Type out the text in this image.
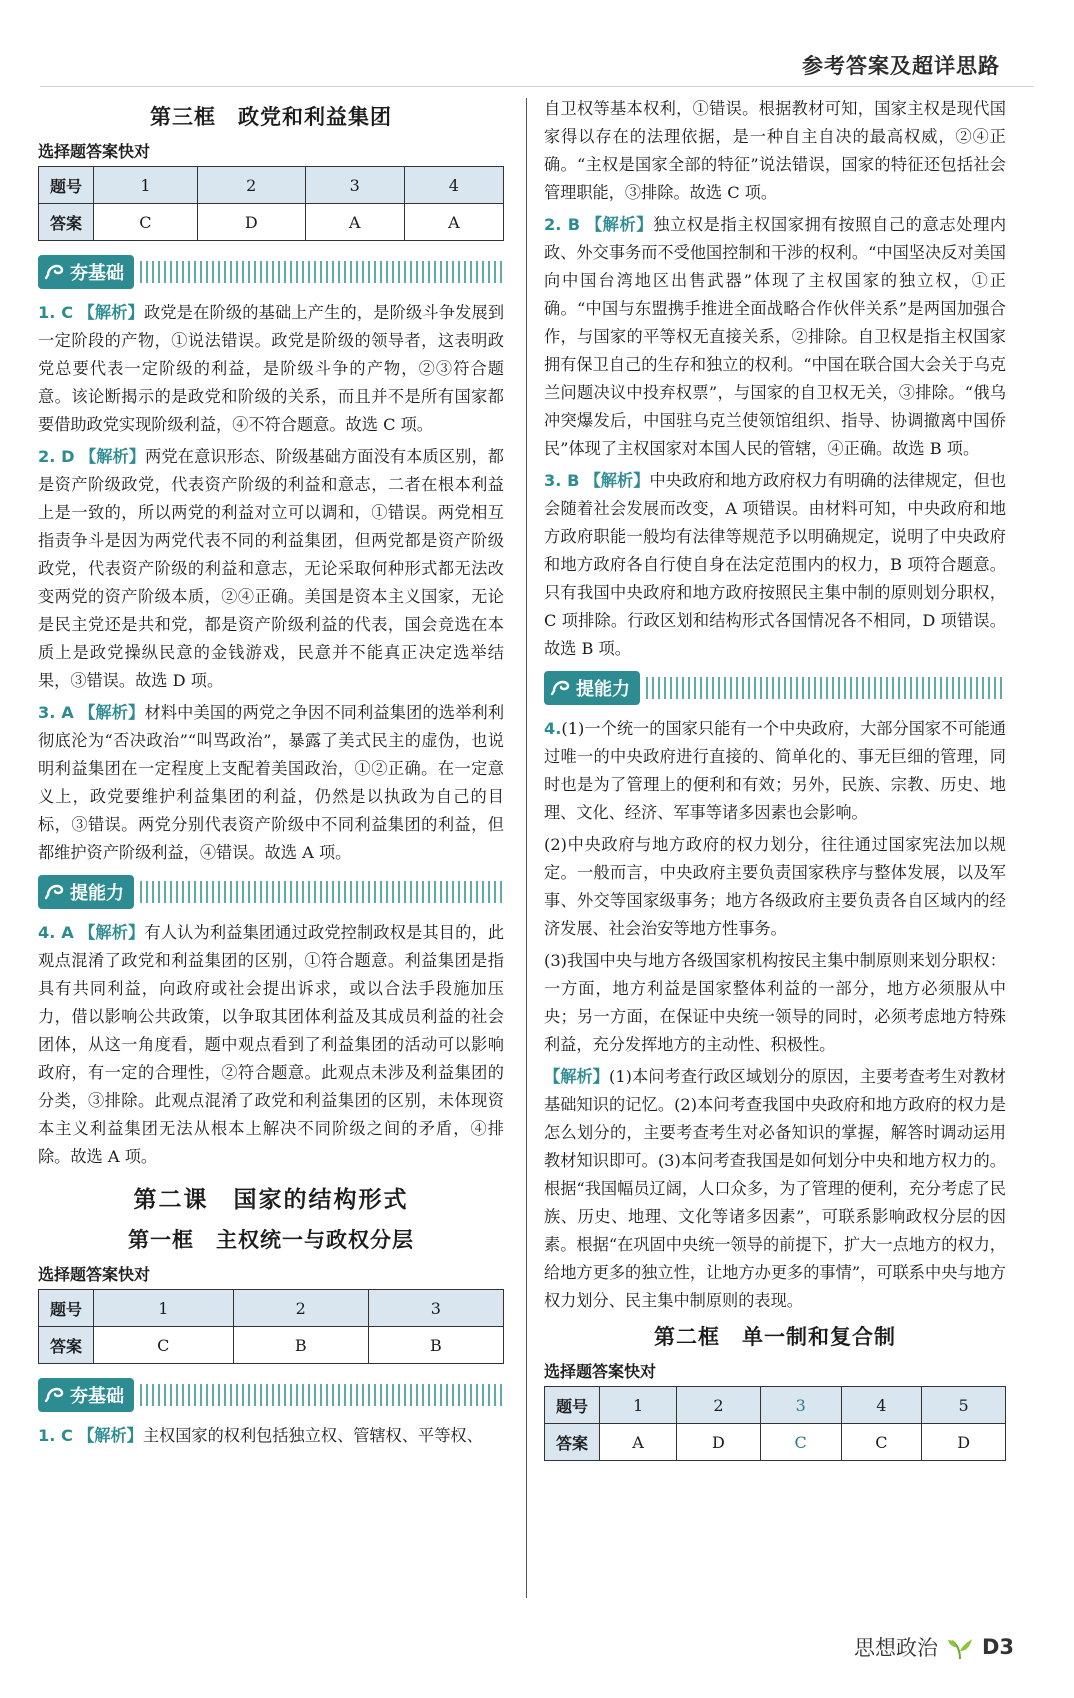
参考答案及超详思路
第三框　政党和利益集团
选择题答案快对
题号	1	2	3	4
答案	C	D	A	A
夯基础

1. C 【解析】政党是在阶级的基础上产生的，是阶级斗争发展到一定阶段的产物，①说法错误。政党是阶级的领导者，这表明政党总要代表一定阶级的利益，是阶级斗争的产物，②③符合题意。该论断揭示的是政党和阶级的关系，而且并不是所有国家都要借助政党实现阶级利益，④不符合题意。故选 C 项。

2. D 【解析】两党在意识形态、阶级基础方面没有本质区别，都是资产阶级政党，代表资产阶级的利益和意志，二者在根本利益上是一致的，所以两党的利益对立可以调和，①错误。两党相互指责争斗是因为两党代表不同的利益集团，但两党都是资产阶级政党，代表资产阶级的利益和意志，无论采取何种形式都无法改变两党的资产阶级本质，②④正确。美国是资本主义国家，无论是民主党还是共和党，都是资产阶级利益的代表，国会竞选在本质上是政党操纵民意的金钱游戏，民意并不能真正决定选举结果，③错误。故选 D 项。

3. A 【解析】材料中美国的两党之争因不同利益集团的选举利利彻底沦为“否决政治”“叫骂政治”，暴露了美式民主的虚伪，也说明利益集团在一定程度上支配着美国政治，①②正确。在一定意义上，政党要维护利益集团的利益，仍然是以执政为自己的目标，③错误。两党分别代表资产阶级中不同利益集团的利益，但都维护资产阶级利益，④错误。故选 A 项。

提能力

4. A 【解析】有人认为利益集团通过政党控制政权是其目的，此观点混淆了政党和利益集团的区别，①符合题意。利益集团是指具有共同利益，向政府或社会提出诉求，或以合法手段施加压力，借以影响公共政策，以争取其团体利益及其成员利益的社会团体，从这一角度看，题中观点看到了利益集团的活动可以影响政府，有一定的合理性，②符合题意。此观点未涉及利益集团的分类，③排除。此观点混淆了政党和利益集团的区别，未体现资本主义利益集团无法从根本上解决不同阶级之间的矛盾，④排除。故选 A 项。

第二课　国家的结构形式
第一框　主权统一与政权分层
选择题答案快对
题号	1	2	3
答案	C	B	B
夯基础

1. C 【解析】主权国家的权利包括独立权、管辖权、平等权、

自卫权等基本权利，①错误。根据教材可知，国家主权是现代国家得以存在的法理依据，是一种自主自决的最高权威，②④正确。“主权是国家全部的特征”说法错误，国家的特征还包括社会管理职能，③排除。故选 C 项。

2. B 【解析】独立权是指主权国家拥有按照自己的意志处理内政、外交事务而不受他国控制和干涉的权利。“中国坚决反对美国向中国台湾地区出售武器”体现了主权国家的独立权，①正确。“中国与东盟携手推进全面战略合作伙伴关系”是两国加强合作，与国家的平等权无直接关系，②排除。自卫权是指主权国家拥有保卫自己的生存和独立的权利。“中国在联合国大会关于乌克兰问题决议中投弃权票”，与国家的自卫权无关，③排除。“俄乌冲突爆发后，中国驻乌克兰使领馆组织、指导、协调撤离中国侨民”体现了主权国家对本国人民的管辖，④正确。故选 B 项。

3. B 【解析】中央政府和地方政府权力有明确的法律规定，但也会随着社会发展而改变，A 项错误。由材料可知，中央政府和地方政府职能一般均有法律等规范予以明确规定，说明了中央政府和地方政府各自行使自身在法定范围内的权力，B 项符合题意。只有我国中央政府和地方政府按照民主集中制的原则划分职权，C 项排除。行政区划和结构形式各国情况各不相同，D 项错误。故选 B 项。

提能力

4.(1)一个统一的国家只能有一个中央政府，大部分国家不可能通过唯一的中央政府进行直接的、简单化的、事无巨细的管理，同时也是为了管理上的便利和有效；另外，民族、宗教、历史、地理、文化、经济、军事等诸多因素也会影响。

(2)中央政府与地方政府的权力划分，往往通过国家宪法加以规定。一般而言，中央政府主要负责国家秩序与整体发展，以及军事、外交等国家级事务；地方各级政府主要负责各自区域内的经济发展、社会治安等地方性事务。

(3)我国中央与地方各级国家机构按民主集中制原则来划分职权：一方面，地方利益是国家整体利益的一部分，地方必须服从中央；另一方面，在保证中央统一领导的同时，必须考虑地方特殊利益，充分发挥地方的主动性、积极性。

【解析】(1)本问考查行政区域划分的原因，主要考查考生对教材基础知识的记忆。(2)本问考查我国中央政府和地方政府的权力是怎么划分的，主要考查考生对必备知识的掌握，解答时调动运用教材知识即可。(3)本问考查我国是如何划分中央和地方权力的。根据“我国幅员辽阔，人口众多，为了管理的便利，充分考虑了民族、历史、地理、文化等诸多因素”，可联系影响政权分层的因素。根据“在巩固中央统一领导的前提下，扩大一点地方的权力，给地方更多的独立性，让地方办更多的事情”，可联系中央与地方权力划分、民主集中制原则的表现。

第二框　单一制和复合制
选择题答案快对
题号	1	2	3	4	5
答案	A	D	C	C	D
思想政治 D3
